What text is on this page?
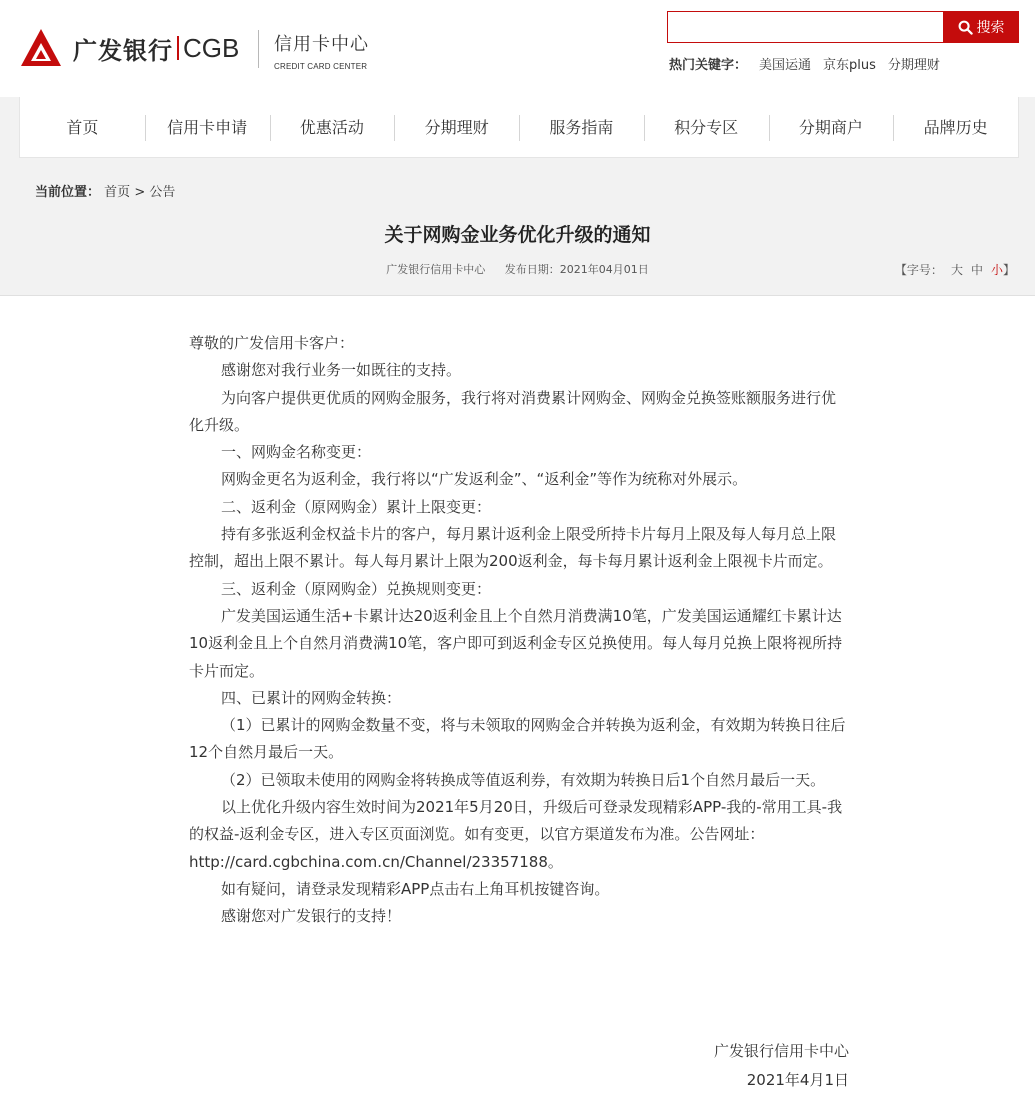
广发银行 CGB 信用卡中心
CREDIT CARD CENTER
搜索
热门关键字： 美国运通 京东plus 分期理财
首页	信用卡申请	优惠活动	分期理财	服务指南	积分专区	分期商户	品牌历史
当前位置： 首页 > 公告
关于网购金业务优化升级的通知
广发银行信用卡中心 发布日期：2021年04月01日	【字号： 大 中 小】

尊敬的广发信用卡客户：

感谢您对我行业务一如既往的支持。

为向客户提供更优质的网购金服务，我行将对消费累计网购金、网购金兑换签账额服务进行优化升级。

一、网购金名称变更：

网购金更名为返利金，我行将以“广发返利金”、“返利金”等作为统称对外展示。

二、返利金（原网购金）累计上限变更：

持有多张返利金权益卡片的客户，每月累计返利金上限受所持卡片每月上限及每人每月总上限控制，超出上限不累计。每人每月累计上限为200返利金，每卡每月累计返利金上限视卡片而定。

三、返利金（原网购金）兑换规则变更：

广发美国运通生活+卡累计达20返利金且上个自然月消费满10笔，广发美国运通耀红卡累计达10返利金且上个自然月消费满10笔，客户即可到返利金专区兑换使用。每人每月兑换上限将视所持卡片而定。

四、已累计的网购金转换：

（1）已累计的网购金数量不变，将与未领取的网购金合并转换为返利金，有效期为转换日往后12个自然月最后一天。

（2）已领取未使用的网购金将转换成等值返利券，有效期为转换日后1个自然月最后一天。

以上优化升级内容生效时间为2021年5月20日，升级后可登录发现精彩APP-我的-常用工具-我的权益-返利金专区，进入专区页面浏览。如有变更，以官方渠道发布为准。公告网址：http://card.cgbchina.com.cn/Channel/23357188。

如有疑问，请登录发现精彩APP点击右上角耳机按键咨询。

感谢您对广发银行的支持！

广发银行信用卡中心
2021年4月1日
